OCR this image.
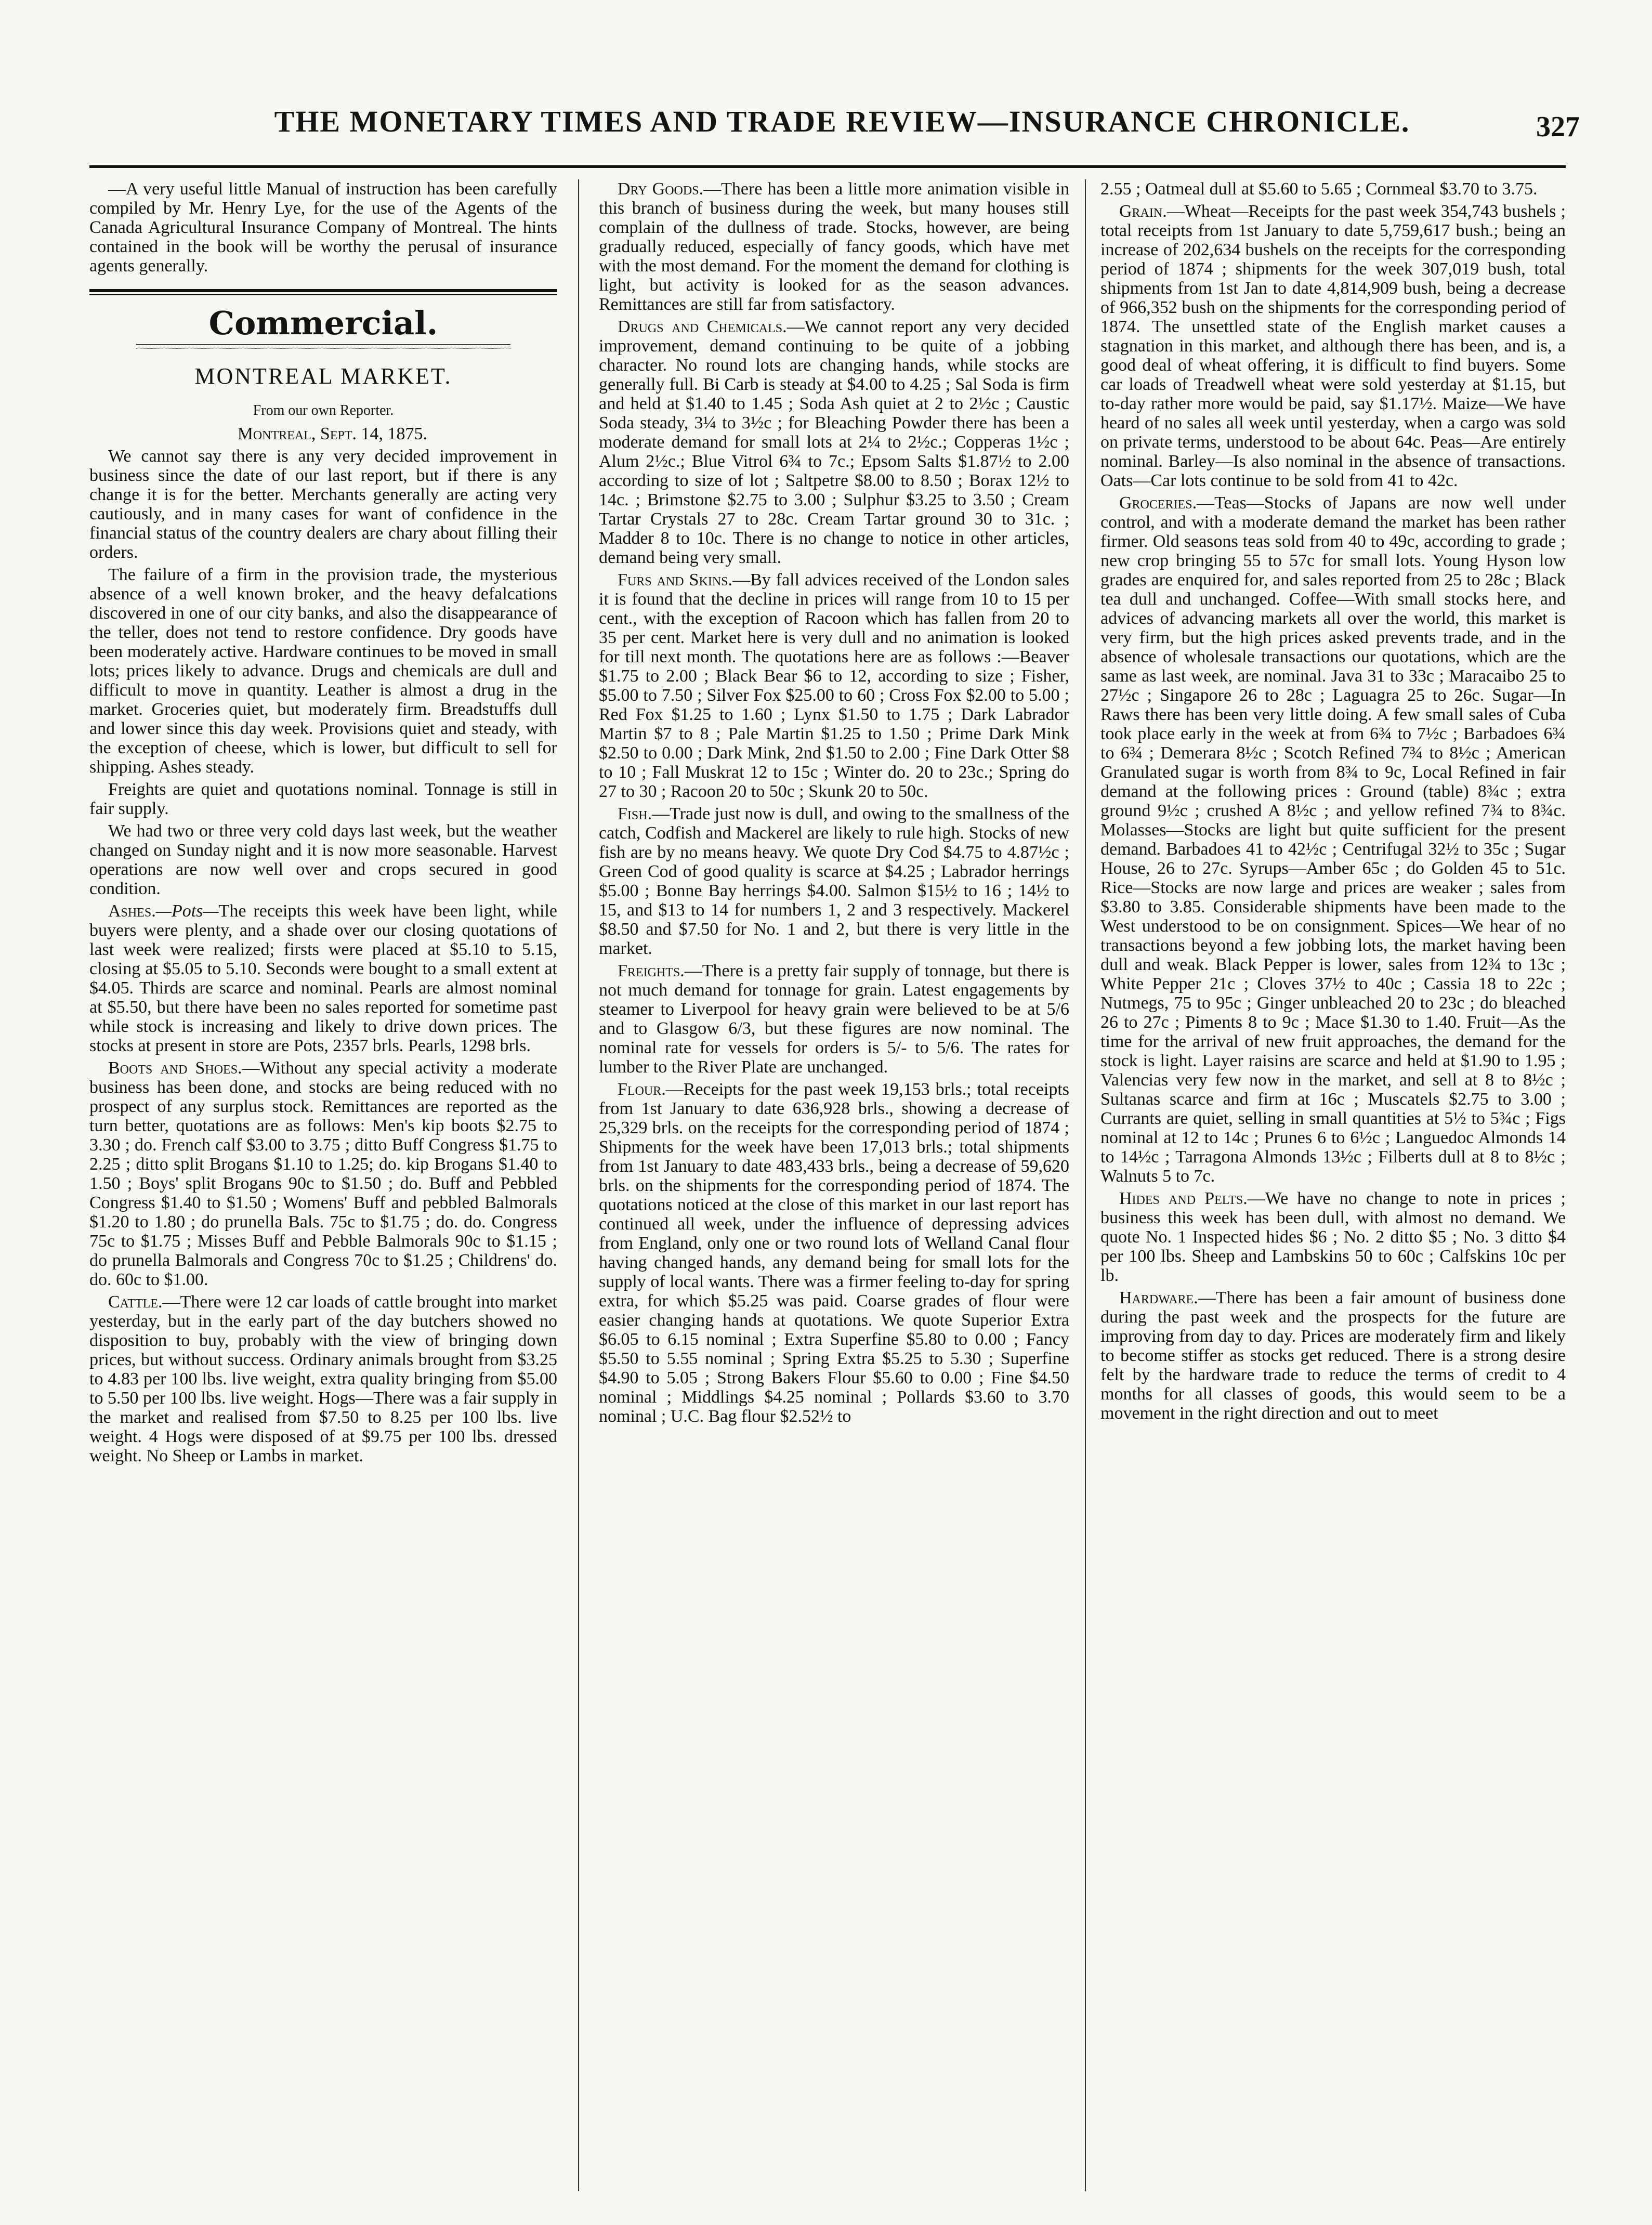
THE MONETARY TIMES AND TRADE REVIEW—INSURANCE CHRONICLE.	327

—A very useful little Manual of instruction has been carefully compiled by Mr. Henry Lye, for the use of the Agents of the Canada Agricultural Insurance Company of Montreal. The hints contained in the book will be worthy the perusal of insurance agents generally.

Commercial.
MONTREAL MARKET.
From our own Reporter.
Montreal, Sept. 14, 1875.

We cannot say there is any very decided improvement in business since the date of our last report, but if there is any change it is for the better. Merchants generally are acting very cautiously, and in many cases for want of confidence in the financial status of the country dealers are chary about filling their orders.

The failure of a firm in the provision trade, the mysterious absence of a well known broker, and the heavy defalcations discovered in one of our city banks, and also the disappearance of the teller, does not tend to restore confidence. Dry goods have been moderately active. Hardware continues to be moved in small lots; prices likely to advance. Drugs and chemicals are dull and difficult to move in quantity. Leather is almost a drug in the market. Groceries quiet, but moderately firm. Breadstuffs dull and lower since this day week. Provisions quiet and steady, with the exception of cheese, which is lower, but difficult to sell for shipping. Ashes steady.

Freights are quiet and quotations nominal. Tonnage is still in fair supply.

We had two or three very cold days last week, but the weather changed on Sunday night and it is now more seasonable. Harvest operations are now well over and crops secured in good condition.

Ashes.—Pots—The receipts this week have been light, while buyers were plenty, and a shade over our closing quotations of last week were realized; firsts were placed at $5.10 to 5.15, closing at $5.05 to 5.10. Seconds were bought to a small extent at $4.05. Thirds are scarce and nominal. Pearls are almost nominal at $5.50, but there have been no sales reported for sometime past while stock is increasing and likely to drive down prices. The stocks at present in store are Pots, 2357 brls. Pearls, 1298 brls.

Boots and Shoes.—Without any special activity a moderate business has been done, and stocks are being reduced with no prospect of any surplus stock. Remittances are reported as the turn better, quotations are as follows: Men's kip boots $2.75 to 3.30 ; do. French calf $3.00 to 3.75 ; ditto Buff Congress $1.75 to 2.25 ; ditto split Brogans $1.10 to 1.25; do. kip Brogans $1.40 to 1.50 ; Boys' split Brogans 90c to $1.50 ; do. Buff and Pebbled Congress $1.40 to $1.50 ; Womens' Buff and pebbled Balmorals $1.20 to 1.80 ; do prunella Bals. 75c to $1.75 ; do. do. Congress 75c to $1.75 ; Misses Buff and Pebble Balmorals 90c to $1.15 ; do prunella Balmorals and Congress 70c to $1.25 ; Childrens' do. do. 60c to $1.00.

Cattle.—There were 12 car loads of cattle brought into market yesterday, but in the early part of the day butchers showed no disposition to buy, probably with the view of bringing down prices, but without success. Ordinary animals brought from $3.25 to 4.83 per 100 lbs. live weight, extra quality bringing from $5.00 to 5.50 per 100 lbs. live weight. Hogs—There was a fair supply in the market and realised from $7.50 to 8.25 per 100 lbs. live weight. 4 Hogs were disposed of at $9.75 per 100 lbs. dressed weight. No Sheep or Lambs in market.

Dry Goods.—There has been a little more animation visible in this branch of business during the week, but many houses still complain of the dullness of trade. Stocks, however, are being gradually reduced, especially of fancy goods, which have met with the most demand. For the moment the demand for clothing is light, but activity is looked for as the season advances. Remittances are still far from satisfactory.

Drugs and Chemicals.—We cannot report any very decided improvement, demand continuing to be quite of a jobbing character. No round lots are changing hands, while stocks are generally full. Bi Carb is steady at $4.00 to 4.25 ; Sal Soda is firm and held at $1.40 to 1.45 ; Soda Ash quiet at 2 to 2½c ; Caustic Soda steady, 3¼ to 3½c ; for Bleaching Powder there has been a moderate demand for small lots at 2¼ to 2½c.; Copperas 1½c ; Alum 2½c.; Blue Vitrol 6¾ to 7c.; Epsom Salts $1.87½ to 2.00 according to size of lot ; Saltpetre $8.00 to 8.50 ; Borax 12½ to 14c. ; Brimstone $2.75 to 3.00 ; Sulphur $3.25 to 3.50 ; Cream Tartar Crystals 27 to 28c. Cream Tartar ground 30 to 31c. ; Madder 8 to 10c. There is no change to notice in other articles, demand being very small.

Furs and Skins.—By fall advices received of the London sales it is found that the decline in prices will range from 10 to 15 per cent., with the exception of Racoon which has fallen from 20 to 35 per cent. Market here is very dull and no animation is looked for till next month. The quotations here are as follows :—Beaver $1.75 to 2.00 ; Black Bear $6 to 12, according to size ; Fisher, $5.00 to 7.50 ; Silver Fox $25.00 to 60 ; Cross Fox $2.00 to 5.00 ; Red Fox $1.25 to 1.60 ; Lynx $1.50 to 1.75 ; Dark Labrador Martin $7 to 8 ; Pale Martin $1.25 to 1.50 ; Prime Dark Mink $2.50 to 0.00 ; Dark Mink, 2nd $1.50 to 2.00 ; Fine Dark Otter $8 to 10 ; Fall Muskrat 12 to 15c ; Winter do. 20 to 23c.; Spring do 27 to 30 ; Racoon 20 to 50c ; Skunk 20 to 50c.

Fish.—Trade just now is dull, and owing to the smallness of the catch, Codfish and Mackerel are likely to rule high. Stocks of new fish are by no means heavy. We quote Dry Cod $4.75 to 4.87½c ; Green Cod of good quality is scarce at $4.25 ; Labrador herrings $5.00 ; Bonne Bay herrings $4.00. Salmon $15½ to 16 ; 14½ to 15, and $13 to 14 for numbers 1, 2 and 3 respectively. Mackerel $8.50 and $7.50 for No. 1 and 2, but there is very little in the market.

Freights.—There is a pretty fair supply of tonnage, but there is not much demand for tonnage for grain. Latest engagements by steamer to Liverpool for heavy grain were believed to be at 5/6 and to Glasgow 6/3, but these figures are now nominal. The nominal rate for vessels for orders is 5/- to 5/6. The rates for lumber to the River Plate are unchanged.

Flour.—Receipts for the past week 19,153 brls.; total receipts from 1st January to date 636,928 brls., showing a decrease of 25,329 brls. on the receipts for the corresponding period of 1874 ; Shipments for the week have been 17,013 brls.; total shipments from 1st January to date 483,433 brls., being a decrease of 59,620 brls. on the shipments for the corresponding period of 1874. The quotations noticed at the close of this market in our last report has continued all week, under the influence of depressing advices from England, only one or two round lots of Welland Canal flour having changed hands, any demand being for small lots for the supply of local wants. There was a firmer feeling to-day for spring extra, for which $5.25 was paid. Coarse grades of flour were easier changing hands at quotations. We quote Superior Extra $6.05 to 6.15 nominal ; Extra Superfine $5.80 to 0.00 ; Fancy $5.50 to 5.55 nominal ; Spring Extra $5.25 to 5.30 ; Superfine $4.90 to 5.05 ; Strong Bakers Flour $5.60 to 0.00 ; Fine $4.50 nominal ; Middlings $4.25 nominal ; Pollards $3.60 to 3.70 nominal ; U.C. Bag flour $2.52½ to

2.55 ; Oatmeal dull at $5.60 to 5.65 ; Cornmeal $3.70 to 3.75.

Grain.—Wheat—Receipts for the past week 354,743 bushels ; total receipts from 1st January to date 5,759,617 bush.; being an increase of 202,634 bushels on the receipts for the corresponding period of 1874 ; shipments for the week 307,019 bush, total shipments from 1st Jan to date 4,814,909 bush, being a decrease of 966,352 bush on the shipments for the corresponding period of 1874. The unsettled state of the English market causes a stagnation in this market, and although there has been, and is, a good deal of wheat offering, it is difficult to find buyers. Some car loads of Treadwell wheat were sold yesterday at $1.15, but to-day rather more would be paid, say $1.17½. Maize—We have heard of no sales all week until yesterday, when a cargo was sold on private terms, understood to be about 64c. Peas—Are entirely nominal. Barley—Is also nominal in the absence of transactions. Oats—Car lots continue to be sold from 41 to 42c.

Groceries.—Teas—Stocks of Japans are now well under control, and with a moderate demand the market has been rather firmer. Old seasons teas sold from 40 to 49c, according to grade ; new crop bringing 55 to 57c for small lots. Young Hyson low grades are enquired for, and sales reported from 25 to 28c ; Black tea dull and unchanged. Coffee—With small stocks here, and advices of advancing markets all over the world, this market is very firm, but the high prices asked prevents trade, and in the absence of wholesale transactions our quotations, which are the same as last week, are nominal. Java 31 to 33c ; Maracaibo 25 to 27½c ; Singapore 26 to 28c ; Laguagra 25 to 26c. Sugar—In Raws there has been very little doing. A few small sales of Cuba took place early in the week at from 6¾ to 7½c ; Barbadoes 6¾ to 6¾ ; Demerara 8½c ; Scotch Refined 7¾ to 8½c ; American Granulated sugar is worth from 8¾ to 9c, Local Refined in fair demand at the following prices : Ground (table) 8¾c ; extra ground 9½c ; crushed A 8½c ; and yellow refined 7¾ to 8¾c. Molasses—Stocks are light but quite sufficient for the present demand. Barbadoes 41 to 42½c ; Centrifugal 32½ to 35c ; Sugar House, 26 to 27c. Syrups—Amber 65c ; do Golden 45 to 51c. Rice—Stocks are now large and prices are weaker ; sales from $3.80 to 3.85. Considerable shipments have been made to the West understood to be on consignment. Spices—We hear of no transactions beyond a few jobbing lots, the market having been dull and weak. Black Pepper is lower, sales from 12¾ to 13c ; White Pepper 21c ; Cloves 37½ to 40c ; Cassia 18 to 22c ; Nutmegs, 75 to 95c ; Ginger unbleached 20 to 23c ; do bleached 26 to 27c ; Piments 8 to 9c ; Mace $1.30 to 1.40. Fruit—As the time for the arrival of new fruit approaches, the demand for the stock is light. Layer raisins are scarce and held at $1.90 to 1.95 ; Valencias very few now in the market, and sell at 8 to 8½c ; Sultanas scarce and firm at 16c ; Muscatels $2.75 to 3.00 ; Currants are quiet, selling in small quantities at 5½ to 5¾c ; Figs nominal at 12 to 14c ; Prunes 6 to 6½c ; Languedoc Almonds 14 to 14½c ; Tarragona Almonds 13½c ; Filberts dull at 8 to 8½c ; Walnuts 5 to 7c.

Hides and Pelts.—We have no change to note in prices ; business this week has been dull, with almost no demand. We quote No. 1 Inspected hides $6 ; No. 2 ditto $5 ; No. 3 ditto $4 per 100 lbs. Sheep and Lambskins 50 to 60c ; Calfskins 10c per lb.

Hardware.—There has been a fair amount of business done during the past week and the prospects for the future are improving from day to day. Prices are moderately firm and likely to become stiffer as stocks get reduced. There is a strong desire felt by the hardware trade to reduce the terms of credit to 4 months for all classes of goods, this would seem to be a movement in the right direction and out to meet
